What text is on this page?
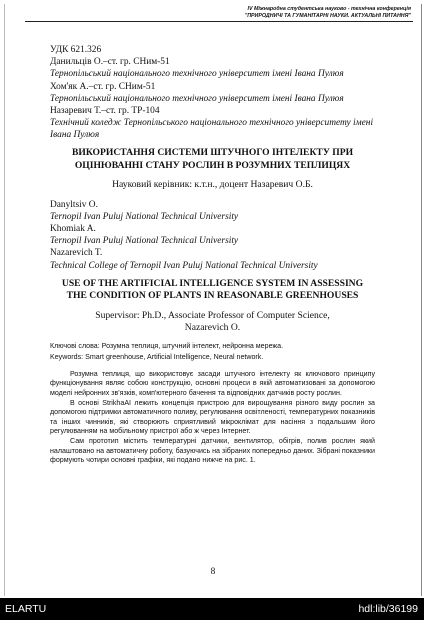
IV Міжнародна студентська науково - технічна конференція
"ПРИРОДНИЧІ ТА ГУМАНІТАРНІ НАУКИ. АКТУАЛЬНІ ПИТАННЯ"
УДК 621.326
Данильців О.–ст. гр. СНим-51
Тернопільський національного технічного університет імені Івана Пулюя
Хом'як А.–ст. гр. СНим-51
Тернопільський національного технічного університет імені Івана Пулюя
Назаревич Т.–ст. гр. ТР-104
Технічний коледж Тернопільського національного технічного університету імені Івана Пулюя
ВИКОРИСТАННЯ СИСТЕМИ ШТУЧНОГО ІНТЕЛЕКТУ ПРИ
ОЦІНЮВАННІ СТАНУ РОСЛИН В РОЗУМНИХ ТЕПЛИЦЯХ
Науковий керівник: к.т.н., доцент Назаревич О.Б.
Danyltsiv O.
Ternopil Ivan Puluj National Technical University
Khomiak A.
Ternopil Ivan Puluj National Technical University
Nazarevich T.
Technical College of Ternopil Ivan Puluj National Technical University
USE OF THE ARTIFICIAL INTELLIGENCE SYSTEM IN ASSESSING
THE CONDITION OF PLANTS IN REASONABLE GREENHOUSES
Supervisor: Ph.D., Associate Professor of Computer Science,
Nazarevich O.
Ключові слова: Розумна теплиця, штучний інтелект, нейронна мережа.
Keywords: Smart greenhouse, Artificial Intelligence, Neural network.

Розумна теплиця, що використовує засади штучного інтелекту як ключового принципу функціонування являє собою конструкцію, основні процеси в якій автоматизовані за допомогою моделі нейронних зв'язків, комп'ютерного бачення та відповідних датчиків росту рослин.

В основі StrikhaAI лежить концепція пристрою для вирощування різного виду рослин за допомогою підтримки автоматичного поливу, регулювання освітленості, температурних показників та інших чинників, які створюють сприятливий мікроклімат для насіння з подальшим його регулюванням на мобільному пристрої або ж через Інтернет.

Сам прототип містить температурні датчики, вентилятор, обігрів, полив рослин який налаштовано на автоматичну роботу, базуючись на зібраних попередньо даних. Зібрані показники формують чотири основні графіки, які подано нижче на рис. 1.

8
ELARTU	hdl:lib/36199
